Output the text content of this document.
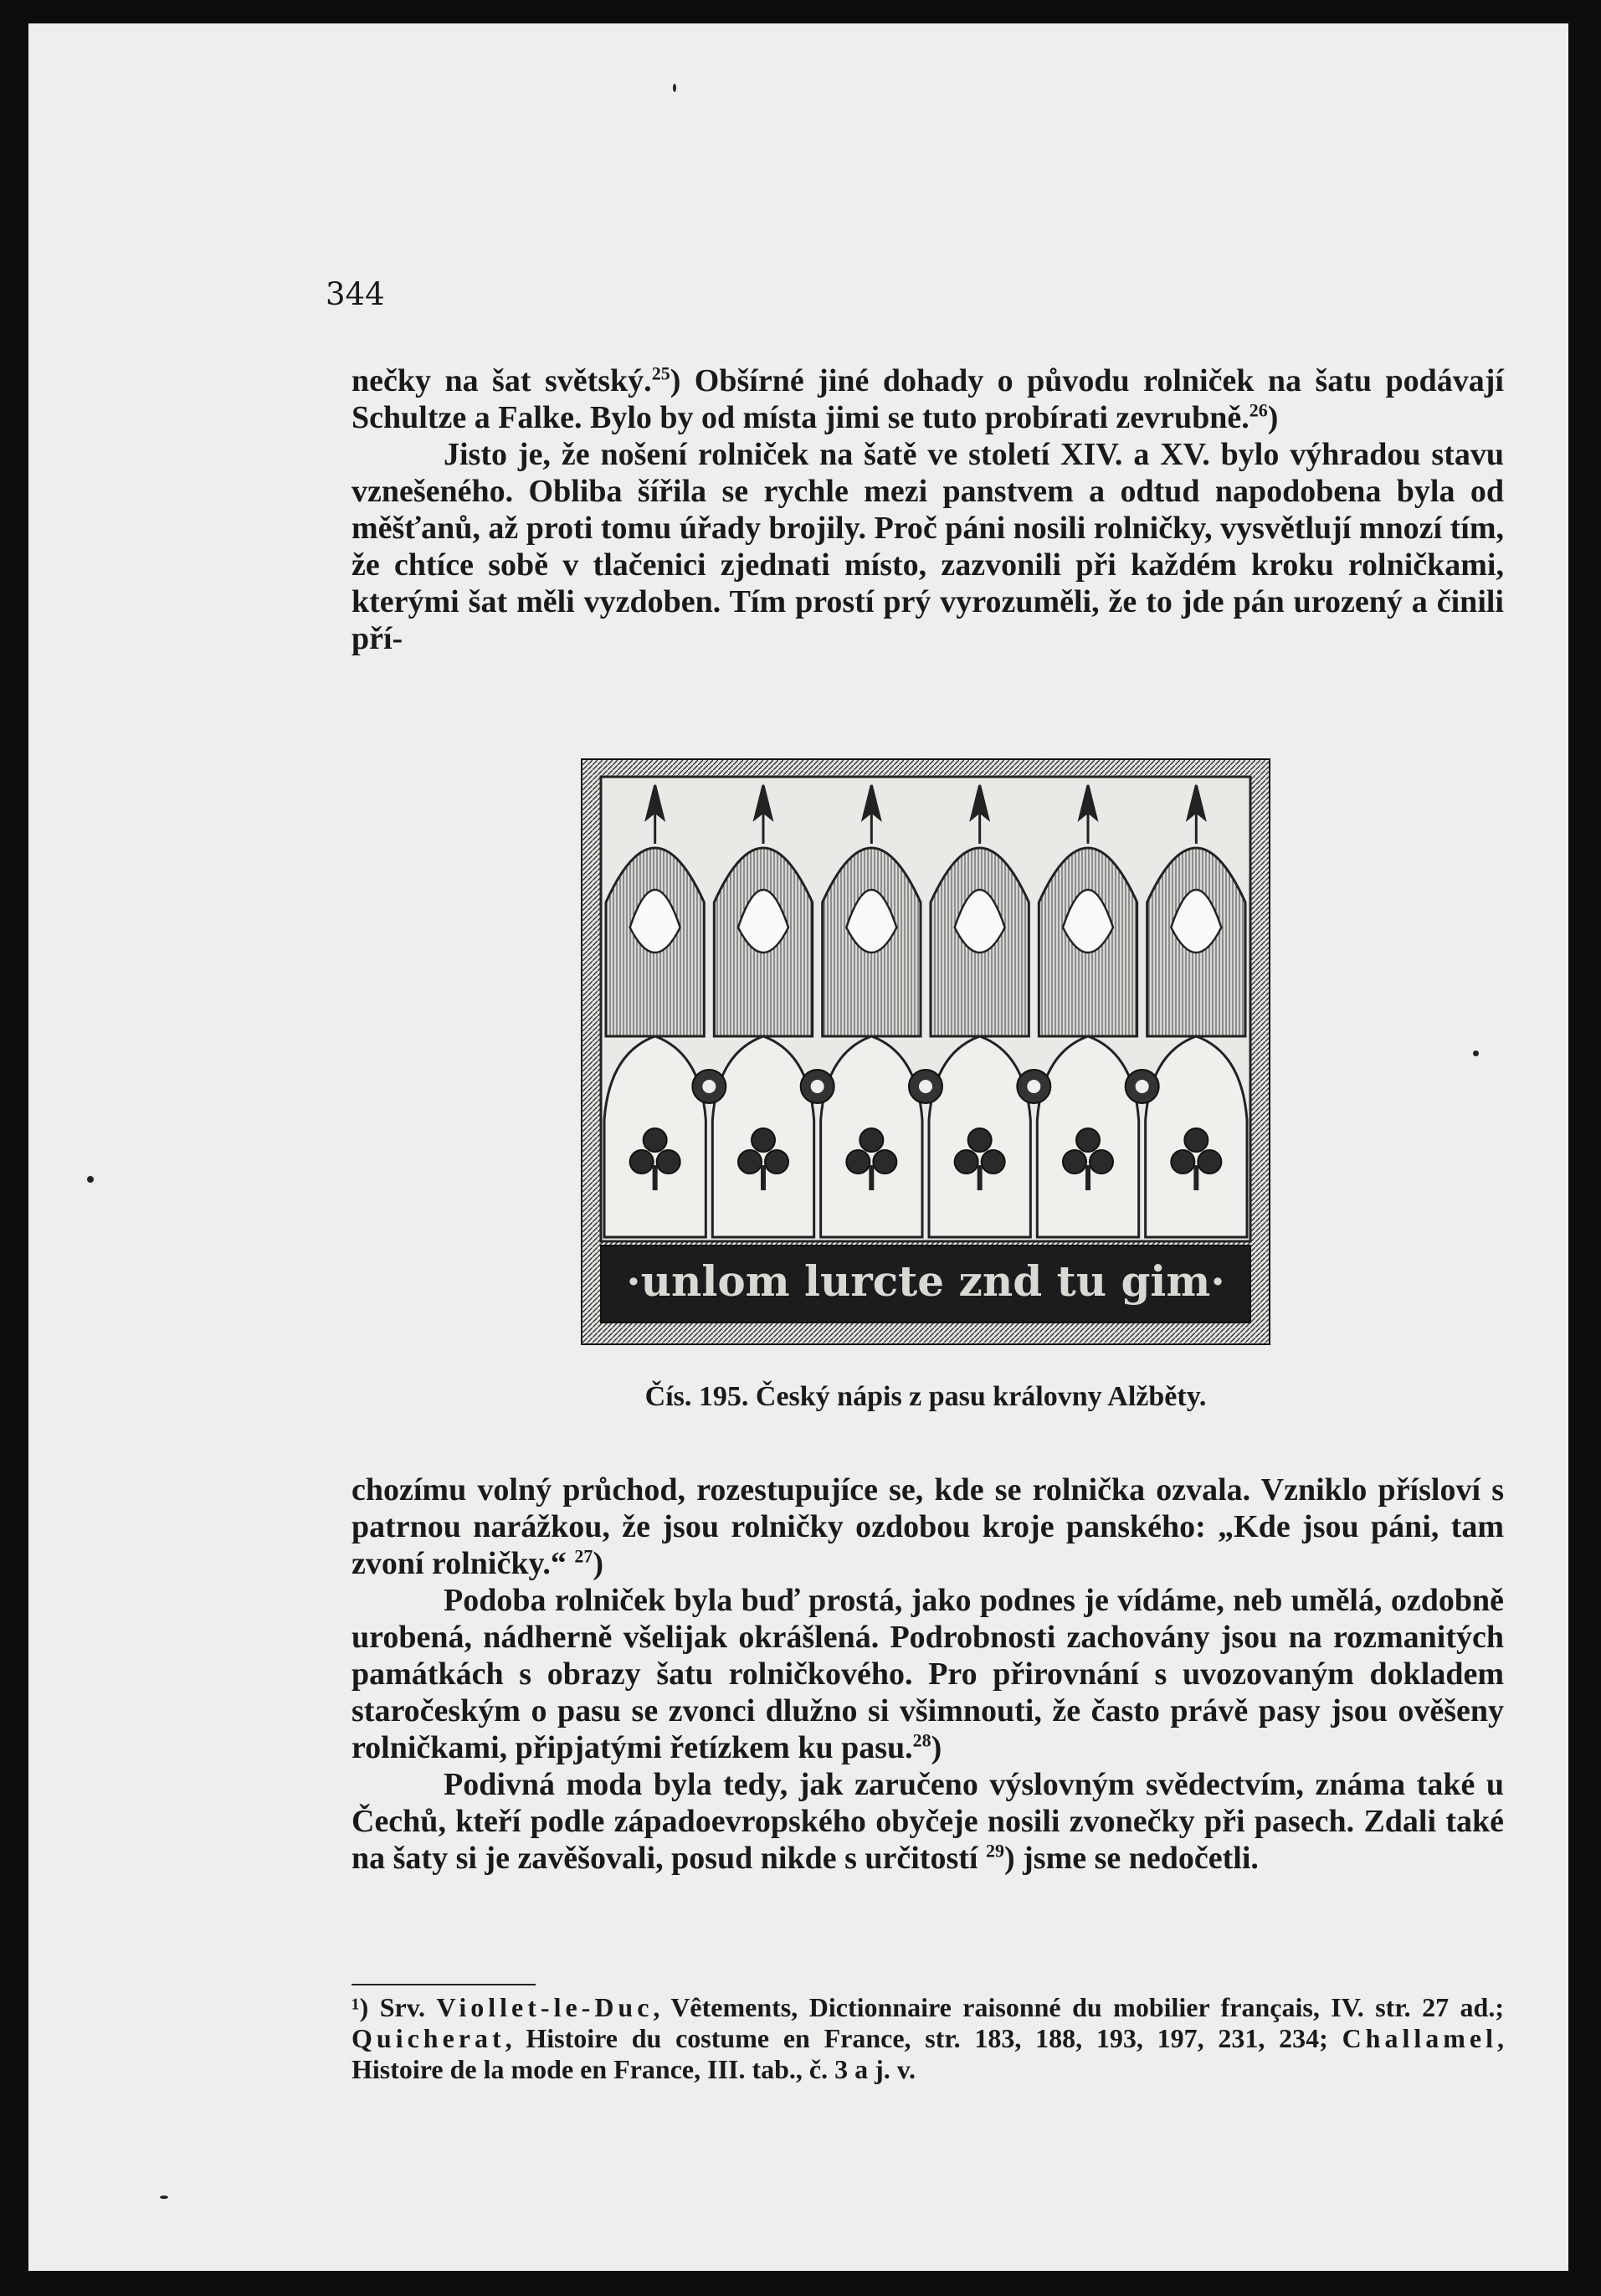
344

nečky na šat světský.$^{25}$) Obšírné jiné dohady o původu rolniček na šatu podávají Schultze a Falke. Bylo by od místa jimi se tuto probírati zevrubně.$^{26}$)

Jisto je, že nošení rolniček na šatě ve století XIV. a XV. bylo výhradou stavu vznešeného. Obliba šířila se rychle mezi panstvem a odtud napodobena byla od měšťanů, až proti tomu úřady brojily. Proč páni nosili rolničky, vysvětlují mnozí tím, že chtíce sobě v tlačenici zjednati místo, zazvonili při každém kroku rolničkami, kterými šat měli vyzdoben. Tím prostí prý vyrozuměli, že to jde pán urozený a činili pří-

·unlom lurcte znd tu gim·
Čís. 195. Český nápis z pasu královny Alžběty.

chozímu volný průchod, rozestupujíce se, kde se rolnička ozvala. Vzniklo přísloví s patrnou narážkou, že jsou rolničky ozdobou kroje panského: „Kde jsou páni, tam zvoní rolničky.“ $^{27}$)

Podoba rolniček byla buď prostá, jako podnes je vídáme, neb umělá, ozdobně urobená, nádherně všelijak okrášlená. Podrobnosti zachovány jsou na rozmanitých památkách s obrazy šatu rolničkového. Pro přirovnání s uvozovaným dokladem staročeským o pasu se zvonci dlužno si všimnouti, že často právě pasy jsou ověšeny rolničkami, připjatými řetízkem ku pasu.$^{28}$)

Podivná moda byla tedy, jak zaručeno výslovným svědectvím, známa také u Čechů, kteří podle západoevropského obyčeje nosili zvonečky při pasech. Zdali také na šaty si je zavěšovali, posud nikde s určitostí $^{29}$) jsme se nedočetli.

¹) Srv. Viollet-le-Duc, Vêtements, Dictionnaire raisonné du mobilier français, IV. str. 27 ad.; Quicherat, Histoire du costume en France, str. 183, 188, 193, 197, 231, 234; Challamel, Histoire de la mode en France, III. tab., č. 3 a j. v.
